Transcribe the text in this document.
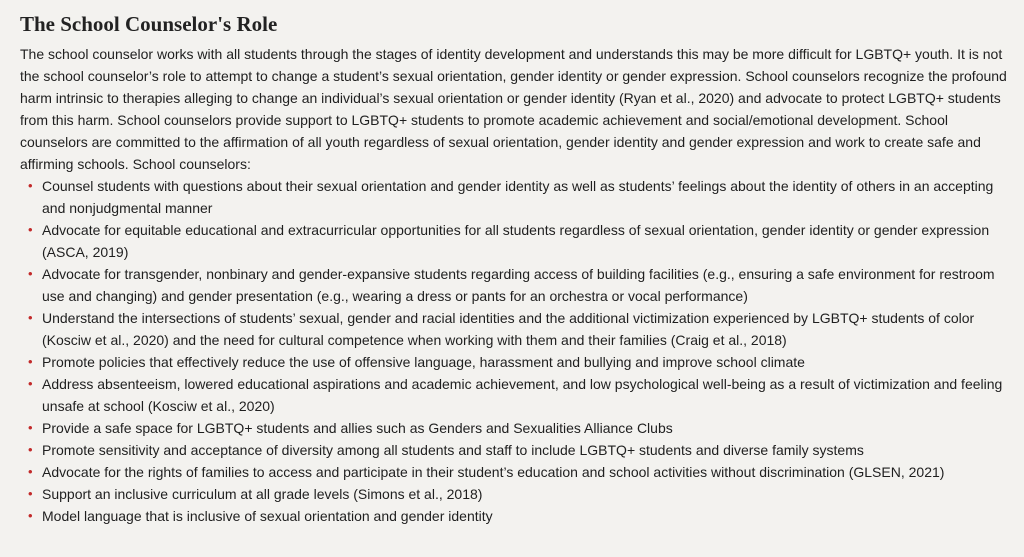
The School Counselor's Role

The school counselor works with all students through the stages of identity development and understands this may be more difficult for LGBTQ+ youth. It is not the school counselor’s role to attempt to change a student’s sexual orientation, gender identity or gender expression. School counselors recognize the profound harm intrinsic to therapies alleging to change an individual’s sexual orientation or gender identity (Ryan et al., 2020) and advocate to protect LGBTQ+ students from this harm. School counselors provide support to LGBTQ+ students to promote academic achievement and social/emotional development. School counselors are committed to the affirmation of all youth regardless of sexual orientation, gender identity and gender expression and work to create safe and affirming schools. School counselors:

• Counsel students with questions about their sexual orientation and gender identity as well as students’ feelings about the identity of others in an accepting and nonjudgmental manner
• Advocate for equitable educational and extracurricular opportunities for all students regardless of sexual orientation, gender identity or gender expression (ASCA, 2019)
• Advocate for transgender, nonbinary and gender-expansive students regarding access of building facilities (e.g., ensuring a safe environment for restroom use and changing) and gender presentation (e.g., wearing a dress or pants for an orchestra or vocal performance)
• Understand the intersections of students’ sexual, gender and racial identities and the additional victimization experienced by LGBTQ+ students of color (Kosciw et al., 2020) and the need for cultural competence when working with them and their families (Craig et al., 2018)
• Promote policies that effectively reduce the use of offensive language, harassment and bullying and improve school climate
• Address absenteeism, lowered educational aspirations and academic achievement, and low psychological well-being as a result of victimization and feeling unsafe at school (Kosciw et al., 2020)
• Provide a safe space for LGBTQ+ students and allies such as Genders and Sexualities Alliance Clubs
• Promote sensitivity and acceptance of diversity among all students and staff to include LGBTQ+ students and diverse family systems
• Advocate for the rights of families to access and participate in their student’s education and school activities without discrimination (GLSEN, 2021)
• Support an inclusive curriculum at all grade levels (Simons et al., 2018)
• Model language that is inclusive of sexual orientation and gender identity
